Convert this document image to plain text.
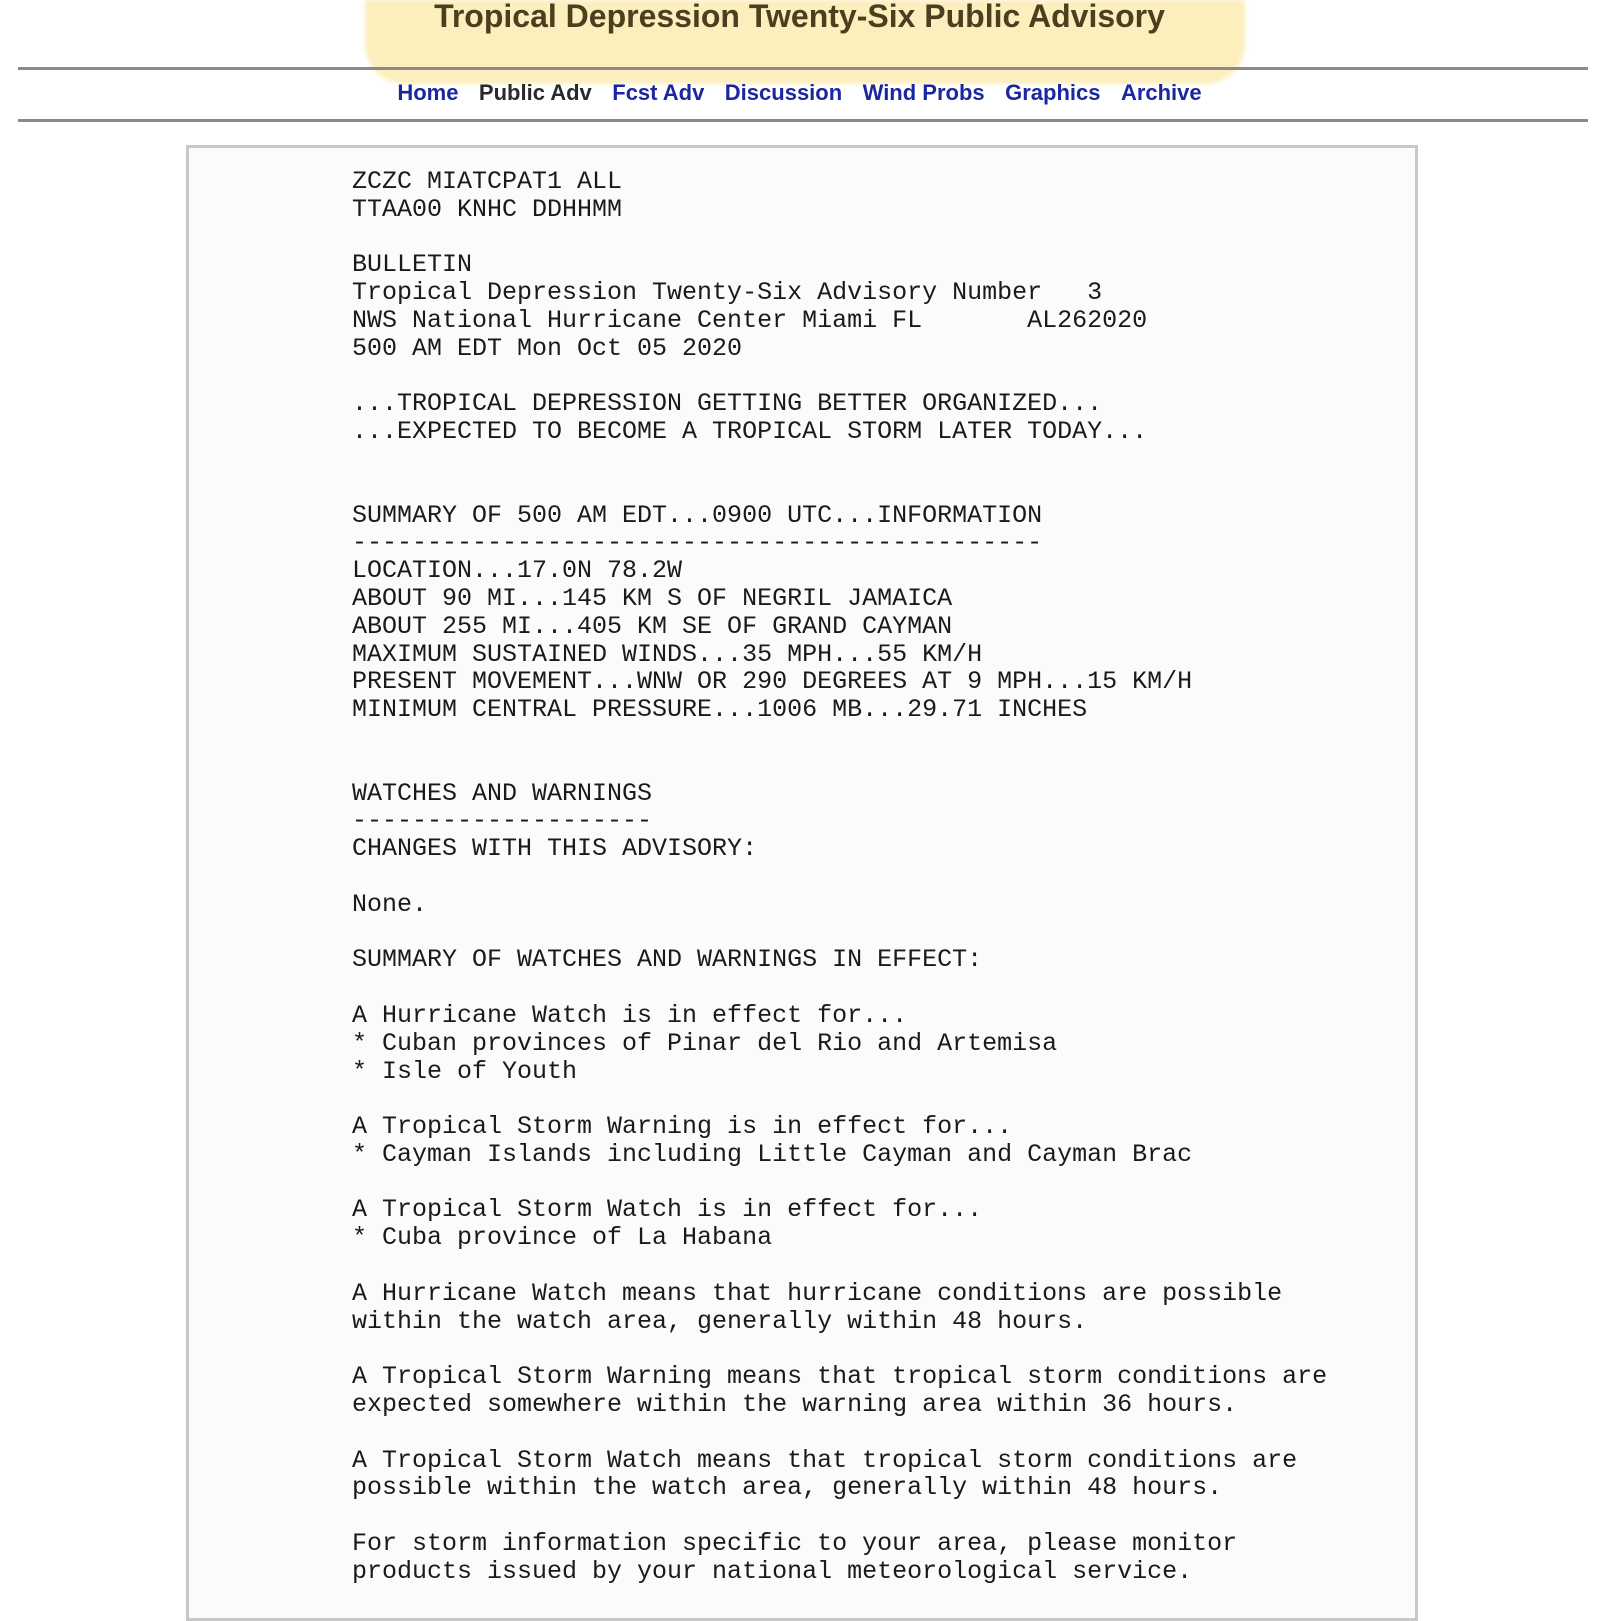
Tropical Depression Twenty-Six Public Advisory
Home Public Adv Fcst Adv Discussion Wind Probs Graphics Archive
ZCZC MIATCPAT1 ALL
TTAA00 KNHC DDHHMM
BULLETIN
Tropical Depression Twenty-Six Advisory Number   3
NWS National Hurricane Center Miami FL       AL262020
500 AM EDT Mon Oct 05 2020
...TROPICAL DEPRESSION GETTING BETTER ORGANIZED...
...EXPECTED TO BECOME A TROPICAL STORM LATER TODAY...
SUMMARY OF 500 AM EDT...0900 UTC...INFORMATION
----------------------------------------------
LOCATION...17.0N 78.2W
ABOUT 90 MI...145 KM S OF NEGRIL JAMAICA
ABOUT 255 MI...405 KM SE OF GRAND CAYMAN
MAXIMUM SUSTAINED WINDS...35 MPH...55 KM/H
PRESENT MOVEMENT...WNW OR 290 DEGREES AT 9 MPH...15 KM/H
MINIMUM CENTRAL PRESSURE...1006 MB...29.71 INCHES
WATCHES AND WARNINGS
--------------------
CHANGES WITH THIS ADVISORY:
None.
SUMMARY OF WATCHES AND WARNINGS IN EFFECT:
A Hurricane Watch is in effect for...
* Cuban provinces of Pinar del Rio and Artemisa
* Isle of Youth
A Tropical Storm Warning is in effect for...
* Cayman Islands including Little Cayman and Cayman Brac
A Tropical Storm Watch is in effect for...
* Cuba province of La Habana
A Hurricane Watch means that hurricane conditions are possible
within the watch area, generally within 48 hours.
A Tropical Storm Warning means that tropical storm conditions are
expected somewhere within the warning area within 36 hours.
A Tropical Storm Watch means that tropical storm conditions are
possible within the watch area, generally within 48 hours.
For storm information specific to your area, please monitor
products issued by your national meteorological service.
